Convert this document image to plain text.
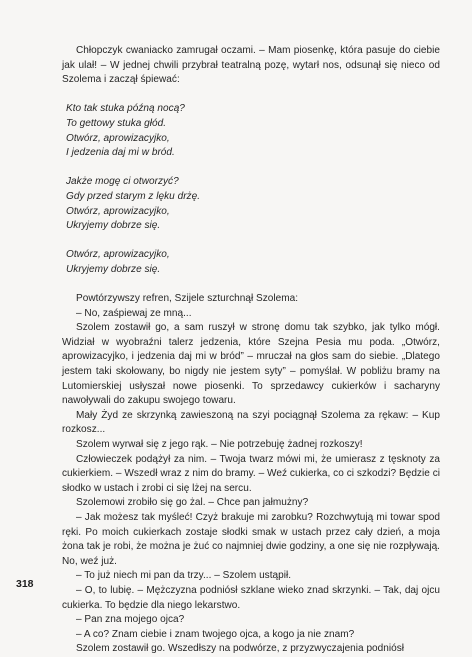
Chłopczyk cwaniacko zamrugał oczami. – Mam piosenkę, która pasuje do ciebie jak ulał! – W jednej chwili przybrał teatralną pozę, wytarł nos, odsunął się nieco od Szolema i zaczął śpiewać:

Kto tak stuka późną nocą?
To gettowy stuka głód.
Otwórz, aprowizacyjko,
I jedzenia daj mi w bród.
Jakże mogę ci otworzyć?
Gdy przed starym z lęku drżę.
Otwórz, aprowizacyjko,
Ukryjemy dobrze się.
Otwórz, aprowizacyjko,
Ukryjemy dobrze się.

Powtórzywszy refren, Szijele szturchnął Szolema:

– No, zaśpiewaj ze mną...

Szolem zostawił go, a sam ruszył w stronę domu tak szybko, jak tylko mógł. Widział w wyobraźni talerz jedzenia, które Szejna Pesia mu poda. „Otwórz, aprowizacyjko, i jedzenia daj mi w bród” – mruczał na głos sam do siebie. „Dlatego jestem taki skołowany, bo nigdy nie jestem syty” – pomyślał. W pobliżu bramy na Lutomierskiej usłyszał nowe piosenki. To sprzedawcy cukierków i sacharyny nawoływali do zakupu swojego towaru.

Mały Żyd ze skrzynką zawieszoną na szyi pociągnął Szolema za rękaw: – Kup rozkosz...

Szolem wyrwał się z jego rąk. – Nie potrzebuję żadnej rozkoszy!

Człowieczek podążył za nim. – Twoja twarz mówi mi, że umierasz z tęsknoty za cukierkiem. – Wszedł wraz z nim do bramy. – Weź cukierka, co ci szkodzi? Będzie ci słodko w ustach i zrobi ci się lżej na sercu.

Szolemowi zrobiło się go żal. – Chce pan jałmużny?

– Jak możesz tak myśleć! Czyż brakuje mi zarobku? Rozchwytują mi towar spod ręki. Po moich cukierkach zostaje słodki smak w ustach przez cały dzień, a moja żona tak je robi, że można je żuć co najmniej dwie godziny, a one się nie rozpływają. No, weź już.

– To już niech mi pan da trzy... – Szolem ustąpił.

– O, to lubię. – Mężczyzna podniósł szklane wieko znad skrzynki. – Tak, daj ojcu cukierka. To będzie dla niego lekarstwo.

– Pan zna mojego ojca?

– A co? Znam ciebie i znam twojego ojca, a kogo ja nie znam?

Szolem zostawił go. Wszedłszy na podwórze, z przyzwyczajenia podniósł

318
